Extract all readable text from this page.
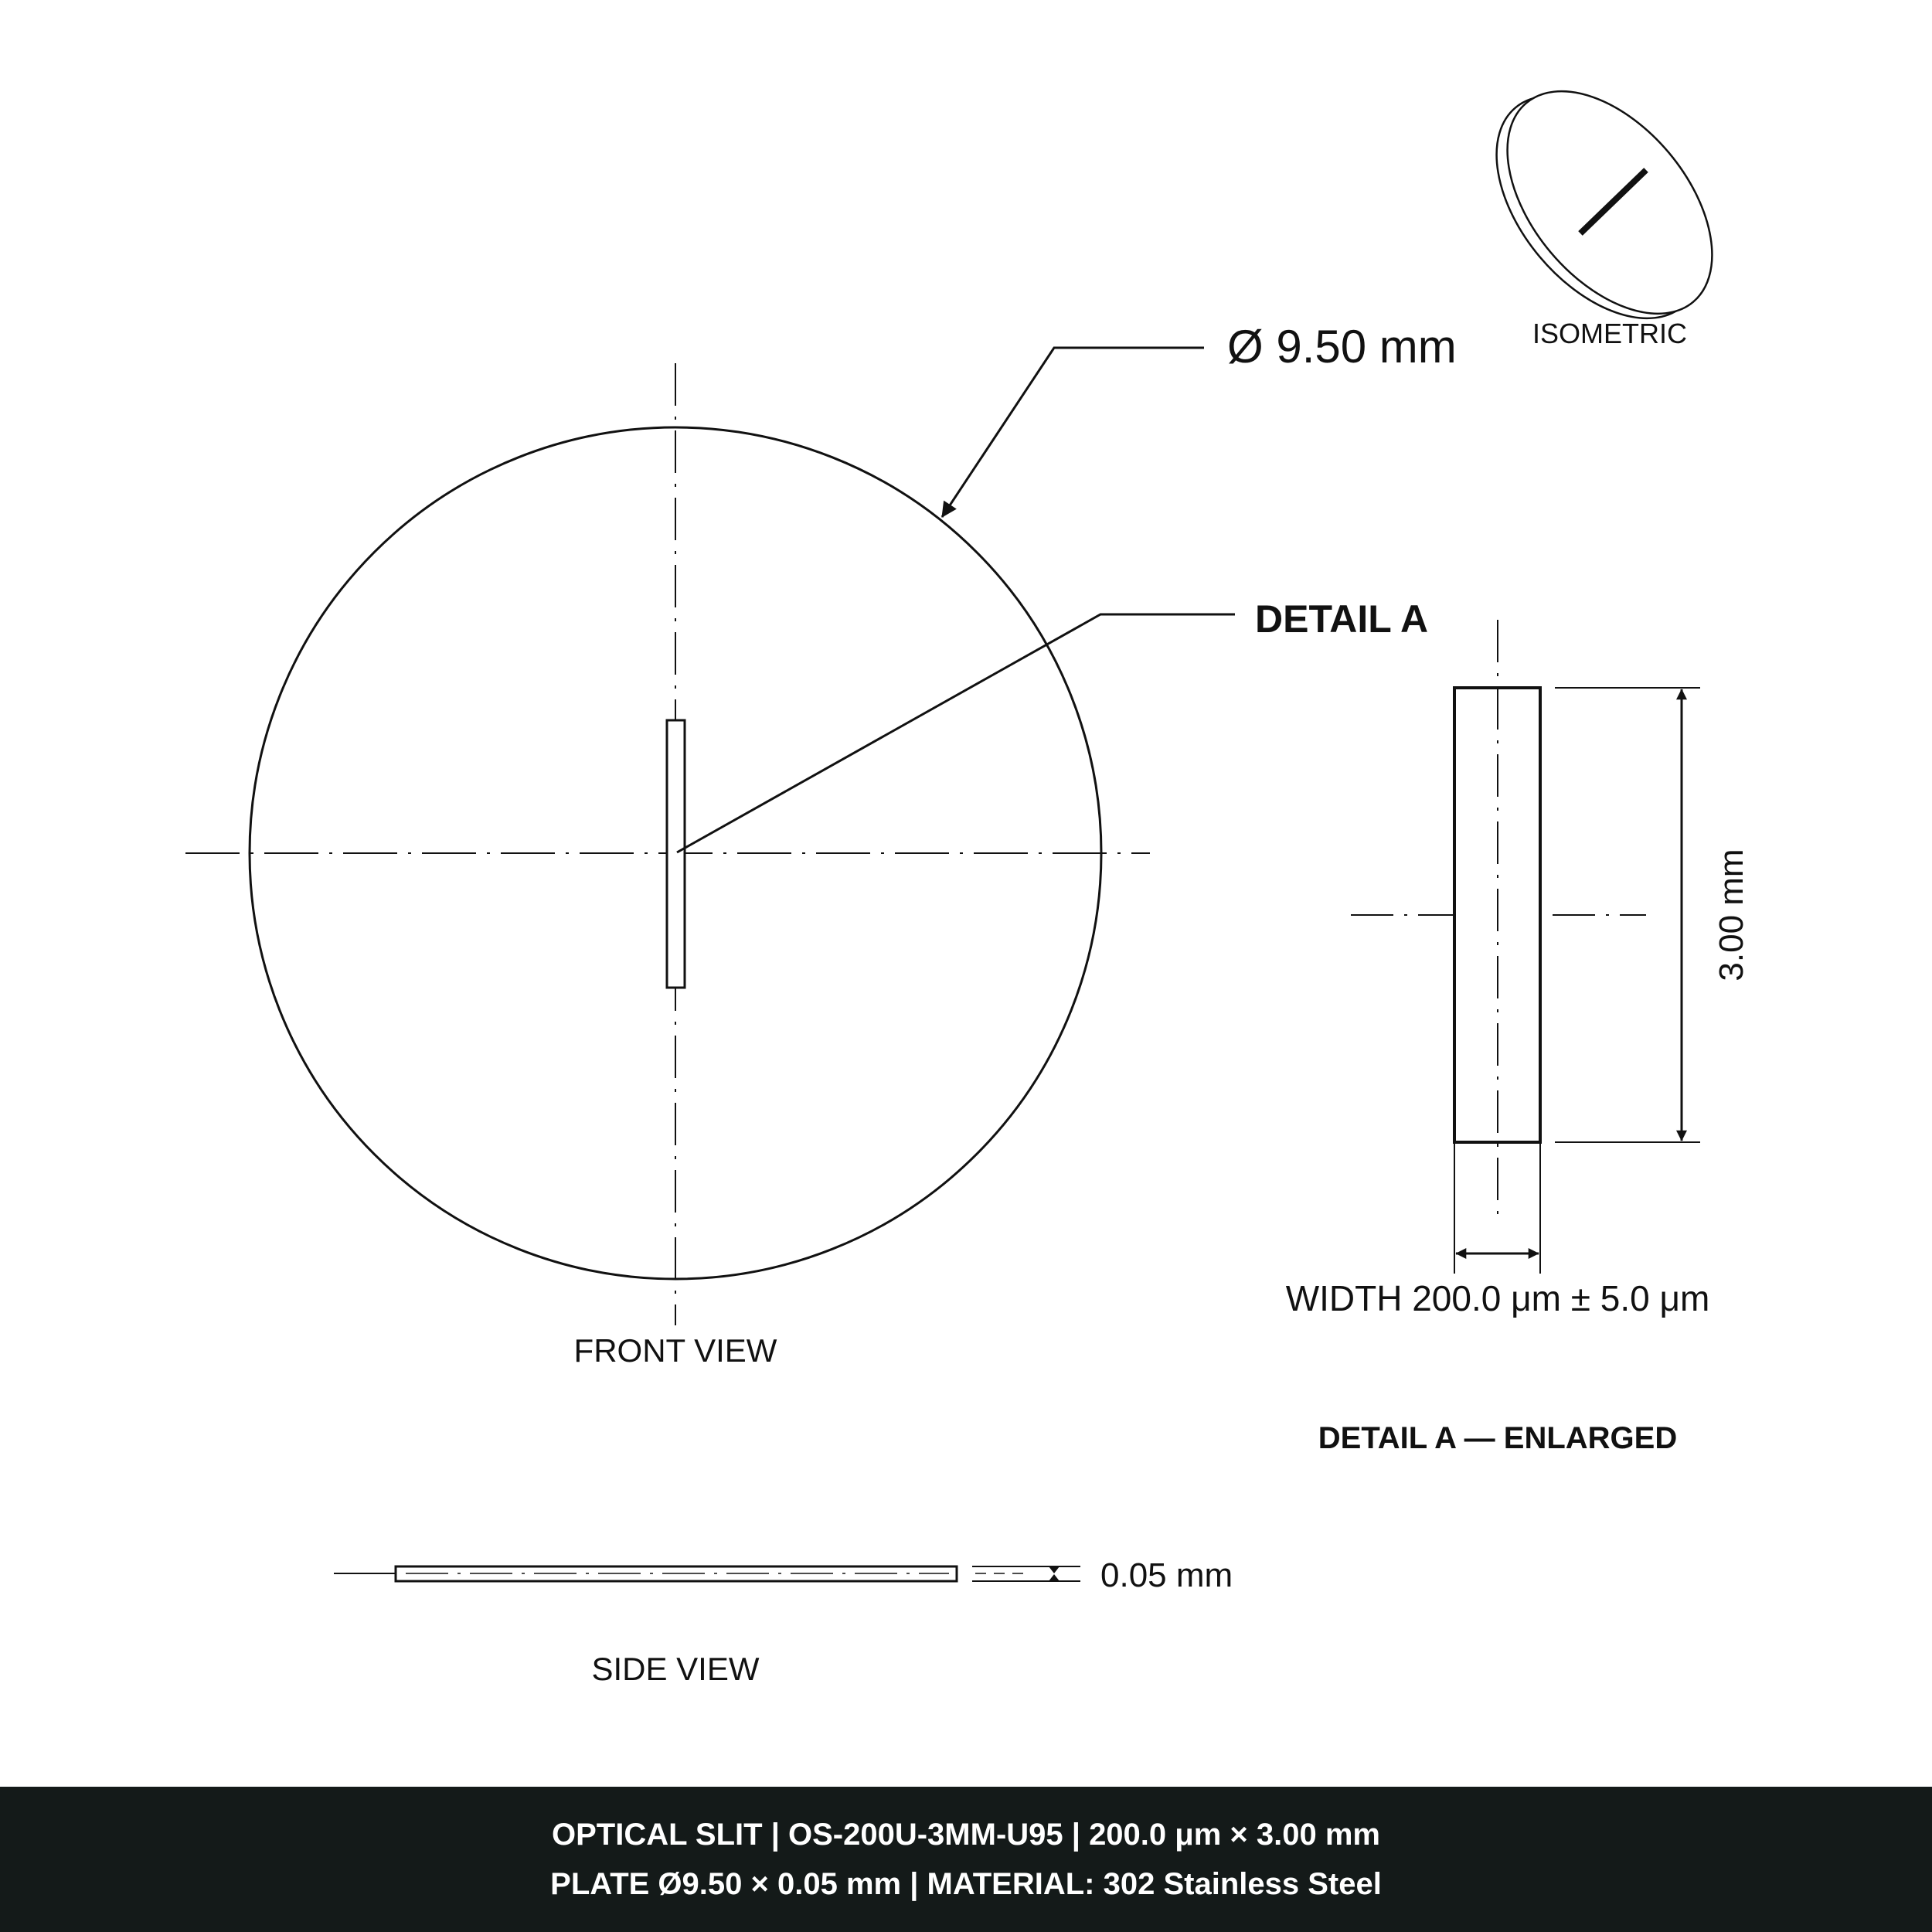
Ø 9.50 mm
DETAIL A
FRONT VIEW
ISOMETRIC
3.00 mm
WIDTH 200.0 μm ± 5.0 μm
DETAIL A — ENLARGED
0.05 mm
SIDE VIEW
OPTICAL SLIT | OS-200U-3MM-U95 | 200.0 μm × 3.00 mm
PLATE Ø9.50 × 0.05 mm | MATERIAL: 302 Stainless Steel
